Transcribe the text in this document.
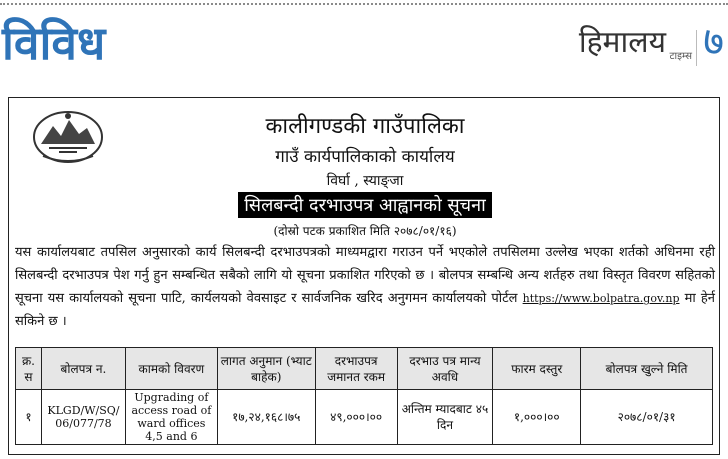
विविध	हिमालय टाइम्स ७
कालीगण्डकी गाउँपालिका
गाउँ कार्यपालिकाको कार्यालय
विर्घा , स्याङ्जा
सिलबन्दी दरभाउपत्र आह्वानको सूचना
(दोस्रो पटक प्रकाशित मिति २०७८/०१/१६)
यस कार्यालयबाट तपसिल अनुसारको कार्य सिलबन्दी दरभाउपत्रको माध्यमद्वारा गराउन पर्ने भएकोले तपसिलमा उल्लेख भएका शर्तको अधिनमा रही सिलबन्दी दरभाउपत्र पेश गर्नु हुन सम्बन्धित सबैको लागि यो सूचना प्रकाशित गरिएको छ । बोलपत्र सम्बन्धि अन्य शर्तहरु तथा विस्तृत विवरण सहितको सूचना यस कार्यालयको सूचना पाटि, कार्यलयको वेवसाइट र सार्वजनिक खरिद अनुगमन कार्यालयको पोर्टल https://www.bolpatra.gov.np मा हेर्न सकिने छ ।
क्र. स	बोलपत्र न.	कामको विवरण	लागत अनुमान (भ्याट बाहेक)	दरभाउपत्र जमानत रकम	दरभाउ पत्र मान्य अवधि	फारम दस्तुर	बोलपत्र खुल्ने मिति
१	KLGD/W/SQ/ 06/077/78	Upgrading of access road of ward offices 4,5 and 6	१७,२४,१६८।७५	४९,०००।००	अन्तिम म्यादबाट ४५ दिन	१,०००।००	२०७८/०१/३१
